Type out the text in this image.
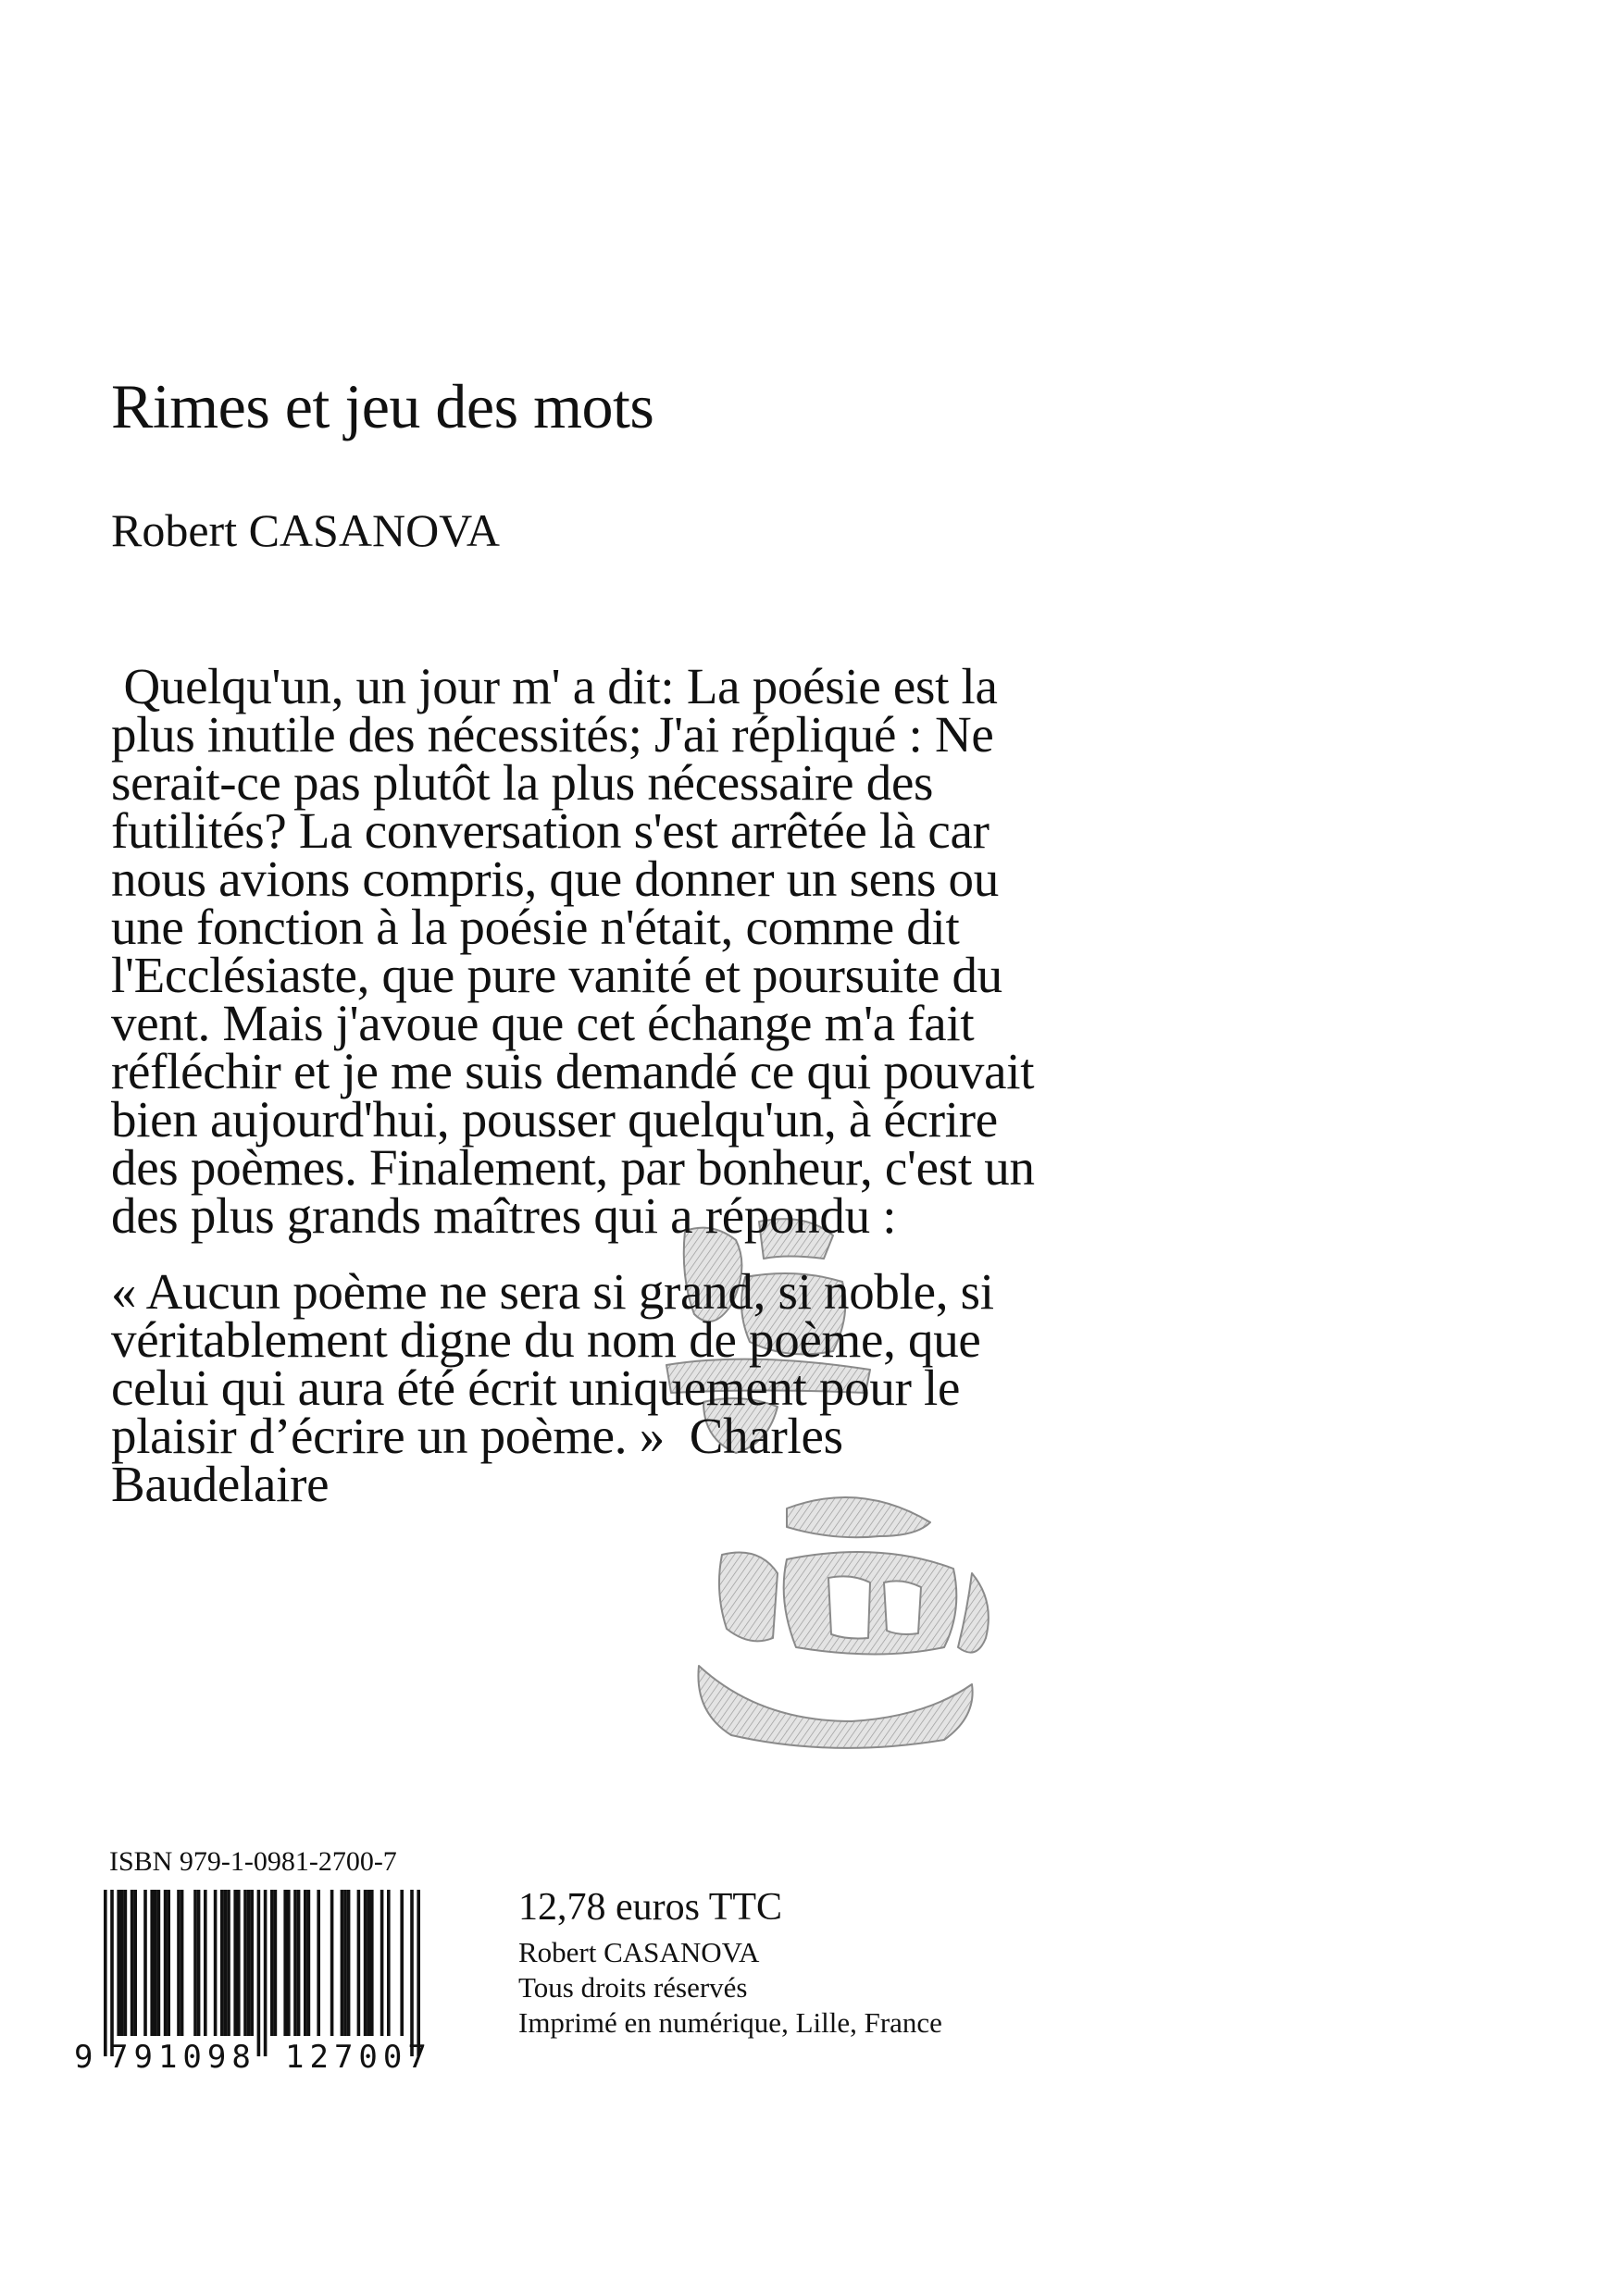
Rimes et jeu des mots
Robert CASANOVA

Quelqu'un, un jour m' a dit: La poésie est la

plus inutile des nécessités; J'ai répliqué : Ne

serait-ce pas plutôt la plus nécessaire des

futilités? La conversation s'est arrêtée là car

nous avions compris, que donner un sens ou

une fonction à la poésie n'était, comme dit

l'Ecclésiaste, que pure vanité et poursuite du

vent. Mais j'avoue que cet échange m'a fait

réfléchir et je me suis demandé ce qui pouvait

bien aujourd'hui, pousser quelqu'un, à écrire

des poèmes. Finalement, par bonheur, c'est un

des plus grands maîtres qui a répondu :

« Aucun poème ne sera si grand, si noble, si

véritablement digne du nom de poème, que

celui qui aura été écrit uniquement pour le

plaisir d’écrire un poème. »  Charles

Baudelaire

ISBN 979-1-0981-2700-7
9 791098 127007
12,78 euros TTC
Robert CASANOVA
Tous droits réservés
Imprimé en numérique, Lille, France
